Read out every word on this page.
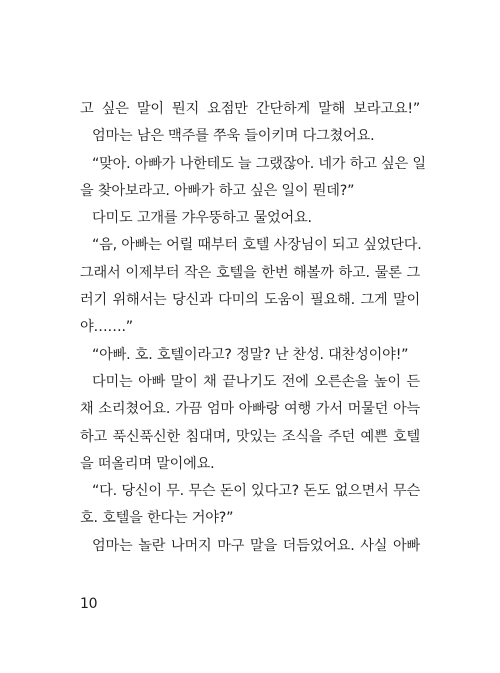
고 싶은 말이 뭔지 요점만 간단하게 말해 보라고요!”
엄마는 남은 맥주를 쭈욱 들이키며 다그쳤어요.
“맞아. 아빠가 나한테도 늘 그랬잖아. 네가 하고 싶은 일
을 찾아보라고. 아빠가 하고 싶은 일이 뭔데?”
다미도 고개를 갸우뚱하고 물었어요.
“음, 아빠는 어릴 때부터 호텔 사장님이 되고 싶었단다.
그래서 이제부터 작은 호텔을 한번 해볼까 하고. 물론 그
러기 위해서는 당신과 다미의 도움이 필요해. 그게 말이
야…….”
“아빠. 호. 호텔이라고? 정말? 난 찬성. 대찬성이야!”
다미는 아빠 말이 채 끝나기도 전에 오른손을 높이 든
채 소리쳤어요. 가끔 엄마 아빠랑 여행 가서 머물던 아늑
하고 푹신푹신한 침대며, 맛있는 조식을 주던 예쁜 호텔
을 떠올리며 말이에요.
“다. 당신이 무. 무슨 돈이 있다고? 돈도 없으면서 무슨
호. 호텔을 한다는 거야?”
엄마는 놀란 나머지 마구 말을 더듬었어요. 사실 아빠
10
